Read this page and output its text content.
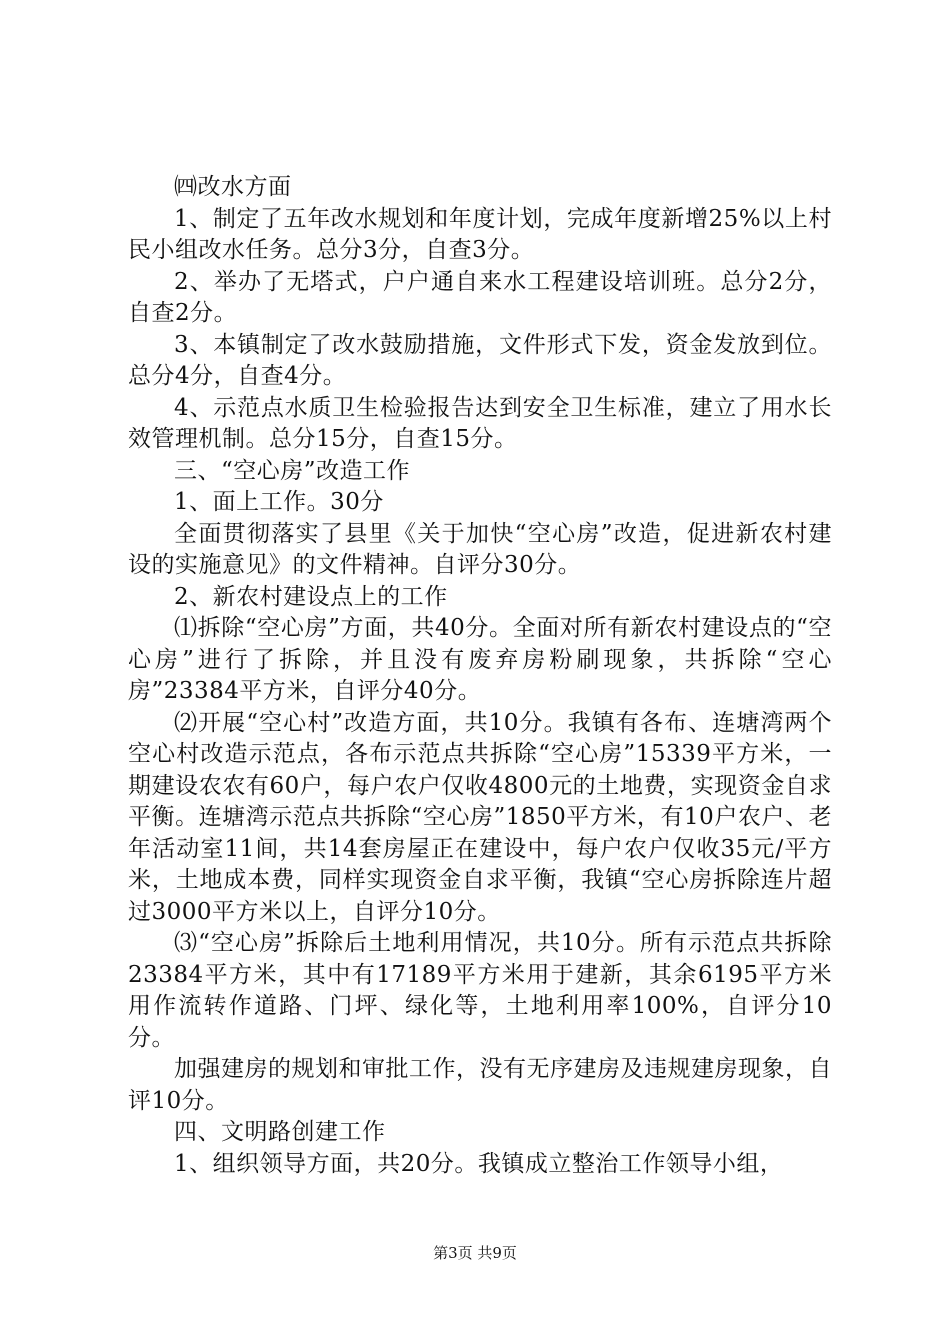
㈣改水方面

1、制定了五年改水规划和年度计划，完成年度新增25%以上村民小组改水任务。总分3分，自查3分。

2、举办了无塔式，户户通自来水工程建设培训班。总分2分，自查2分。

3、本镇制定了改水鼓励措施，文件形式下发，资金发放到位。总分4分，自查4分。

4、示范点水质卫生检验报告达到安全卫生标准，建立了用水长效管理机制。总分15分，自查15分。

三、“空心房”改造工作

1、面上工作。30分

全面贯彻落实了县里《关于加快“空心房”改造，促进新农村建设的实施意见》的文件精神。自评分30分。

2、新农村建设点上的工作

⑴拆除“空心房”方面，共40分。全面对所有新农村建设点的“空心房”进行了拆除，并且没有废弃房粉刷现象，共拆除“空心房”23384平方米，自评分40分。

⑵开展“空心村”改造方面，共10分。我镇有各布、连塘湾两个空心村改造示范点，各布示范点共拆除“空心房”15339平方米，一期建设农农有60户，每户农户仅收4800元的土地费，实现资金自求平衡。连塘湾示范点共拆除“空心房”1850平方米，有10户农户、老年活动室11间，共14套房屋正在建设中，每户农户仅收35元/平方米，土地成本费，同样实现资金自求平衡，我镇“空心房拆除连片超过3000平方米以上，自评分10分。

⑶“空心房”拆除后土地利用情况，共10分。所有示范点共拆除23384平方米，其中有17189平方米用于建新，其余6195平方米用作流转作道路、门坪、绿化等，土地利用率100%，自评分10分。

加强建房的规划和审批工作，没有无序建房及违规建房现象，自评10分。

四、文明路创建工作

1、组织领导方面，共20分。我镇成立整治工作领导小组，

第3页 共9页
